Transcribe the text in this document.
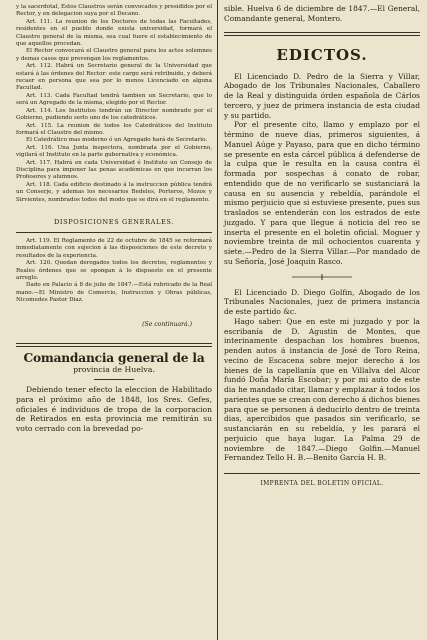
y la sacerdotal, Estos Claustros serán convocados y presididos por el Rector, y en delegacion suya por el Decano.

Art. 111. La reunion de los Doctores de todas las Facultades, residentes en el pueblo donde exista universidad, formará el Claustro general de la misma, sea cual fuere el establecimiento de que aquellos procedan.

El Rector convocará el Claustro general para los actos solemnes y demas casos que prevengan los reglamentos.

Art. 112. Habrá un Secretario general de la Universidad que estará á las órdenes del Rector: este cargo será retribuido, y deberá recaer en persona que sea por lo menos Licenciado en alguna Facultad.

Art. 113. Cada Facultad tendrá tambien un Secretario, que lo será un Agregado de la misma, elegido por el Rector.

Art. 114. Los Institutos tendrán un Director nombrado por el Gobierno, pudiendo serlo uno de los catedráticos.

Art. 115. La reunion de todos los Catedráticos del Instituto formará el Claustro del mismo.

El Catedrático mas moderno ó un Agregado hará de Secretario.

Art. 116. Una Junta inspectora, nombrada por el Gobierno, vigilará el Instituto en la parte gubernativa y económica.

Art. 117. Habrá en cada Universidad é Instituto un Consejo de Disciplina para imponer las penas académicas en que incurran los Profesores y alumnos.

Art. 118. Cada edificio destinado á la instruccion pública tendrá un Conserje, y ademas los necesarios Bedeles, Porteros, Mozos y Sirvientes, nombrados todos del modo que se dirá en el reglamento.

DISPOSICIONES GENERALES.

Art. 119. El Reglamento de 22 de octubre de 1845 se reformará inmediatamente con sujecion á las disposiciones de este decreto y resultados de la experiencia.

Art. 120. Quedan derogados todos los decretos, reglamentos y Reales órdenes que se opongan á lo dispuesto en el presente arreglo.

Dado en Palacio á 8 de julio de 1847.—Está rubricado de la Real mano.—El Ministro de Comercio, Instruccion y Obras públicas, Nicomedes Pastor Diaz.

(Se continuará.)

Comandancia general de la
provincia de Huelva.

Debiendo tener efecto la eleccion de Habilitado para el próximo año de 1848, los Sres. Gefes, oficiales é individuos de tropa de la corporacion de Retirados en esta provincia me remitirán su voto cerrado con la brevedad po-

sible. Huelva 6 de diciembre de 1847.—El General, Comandante general, Montero.

EDICTOS.

El Licenciado D. Pedro de la Sierra y Villar, Abogado de los Tribunales Nacionales, Caballero de la Real y distinguida órden española de Cárlos tercero, y juez de primera instancia de esta ciudad y su partido.

Por el presente cito, llamo y emplazo por el término de nueve dias, primeros siguientes, á Manuel Aúge y Payaso, para que en dicho término se presente en esta cárcel pública á defenderse de la culpa que le resulta en la causa contra él formada por sospechas á conato de robar, entendido que de no verificarlo se sustanciará la causa en su ausencia y rebeldía, parándole el mismo perjuicio que si estuviese presente, pues sus traslados se entenderán con los estrados de este juzgado. Y para que llegue á noticia del reo se inserta el presente en el boletin oficial. Moguer y noviembre treinta de mil ochocientos cuarenta y siete.—Pedro de la Sierra Villar.—Por mandado de su Señoría, José Joaquin Rasco.

El Licenciado D. Diego Golfin, Abogado de los Tribunales Nacionales, juez de primera instancia de este partido &c.

Hago saber: Que en este mi juzgado y por la escribanía de D. Agustin de Montes, que interinamente despachan los hombres buenos, penden autos á instancia de José de Toro Reina, vecino de Escacena sobre mejor derecho á los bienes de la capellanía que en Villalva del Alcor fundó Doña María Escobar; y por mi auto de este dia he mandado citar, llamar y emplazar á todos los parientes que se crean con derecho á dichos bienes para que se personen á deducirlo dentro de treinta dias, apercibidos que pasados sin verificarlo, se sustanciarán en su rebeldía, y les parará el perjuicio que haya lugar. La Palma 29 de noviembre de 1847.—Diego Golfin.—Manuel Fernandez Tello H. B.—Benito García H. B.

IMPRENTA DEL BOLETIN OFICIAL.
